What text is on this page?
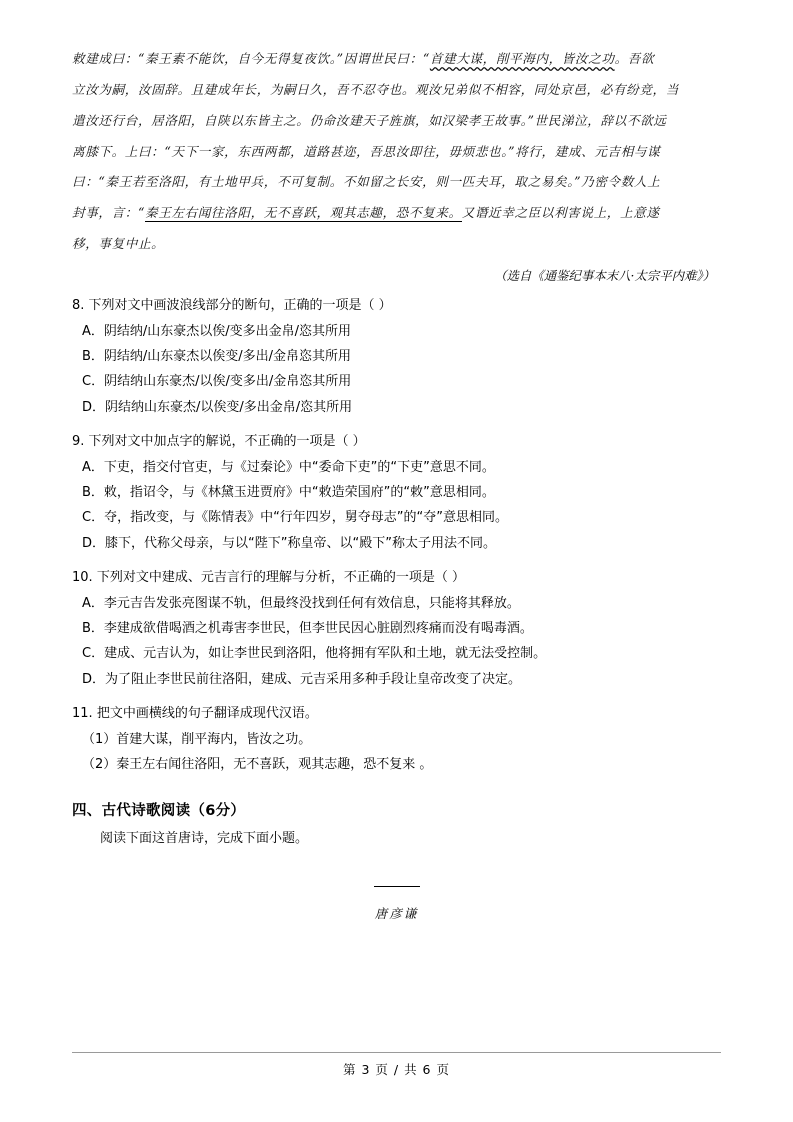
敕建成曰：“秦王素不能饮，自今无得复夜饮。”因谓世民曰：“首建大谋，削平海内，皆汝之功。吾欲

立汝为嗣，汝固辞。且建成年长，为嗣日久，吾不忍夺也。观汝兄弟似不相容，同处京邑，必有纷竞，当

遣汝还行台，居洛阳，自陕以东皆主之。仍命汝建天子旌旗，如汉梁孝王故事。”世民涕泣，辞以不欲远

离膝下。上曰：“天下一家，东西两都，道路甚迩，吾思汝即往，毋烦悲也。”将行，建成、元吉相与谋

曰：“秦王若至洛阳，有土地甲兵，不可复制。不如留之长安，则一匹夫耳，取之易矣。”乃密令数人上

封事，言：“秦王左右闻往洛阳，无不喜跃，观其志趣，恐不复来。又谮近幸之臣以利害说上，上意遂

移，事复中止。

（选自《通鉴纪事本末八·太宗平内难》）

8. 下列对文中画波浪线部分的断句，正确的一项是（ ）

A．阴结纳/山东豪杰以俟/变多出金帛/恣其所用

B．阴结纳/山东豪杰以俟变/多出/金帛恣其所用

C．阴结纳山东豪杰/以俟/变多出/金帛恣其所用

D．阴结纳山东豪杰/以俟变/多出金帛/恣其所用

9. 下列对文中加点字的解说，不正确的一项是（ ）

A．下吏，指交付官吏，与《过秦论》中“委命下吏”的“下吏”意思不同。

B．敕，指诏令，与《林黛玉进贾府》中“敕造荣国府”的“敕”意思相同。

C．夺，指改变，与《陈情表》中“行年四岁，舅夺母志”的“夺”意思相同。

D．膝下，代称父母亲，与以“陛下”称皇帝、以“殿下”称太子用法不同。

10. 下列对文中建成、元吉言行的理解与分析，不正确的一项是（ ）

A．李元吉告发张亮图谋不轨，但最终没找到任何有效信息，只能将其释放。

B．李建成欲借喝酒之机毒害李世民，但李世民因心脏剧烈疼痛而没有喝毒酒。

C．建成、元吉认为，如让李世民到洛阳，他将拥有军队和土地，就无法受控制。

D．为了阻止李世民前往洛阳，建成、元吉采用多种手段让皇帝改变了决定。

11. 把文中画横线的句子翻译成现代汉语。

（1）首建大谋，削平海内，皆汝之功。

（2）秦王左右闻往洛阳，无不喜跃，观其志趣，恐不复来 。

四、古代诗歌阅读（6分）

阅读下面这首唐诗，完成下面小题。

唐彦谦
第 3 页 / 共 6 页
